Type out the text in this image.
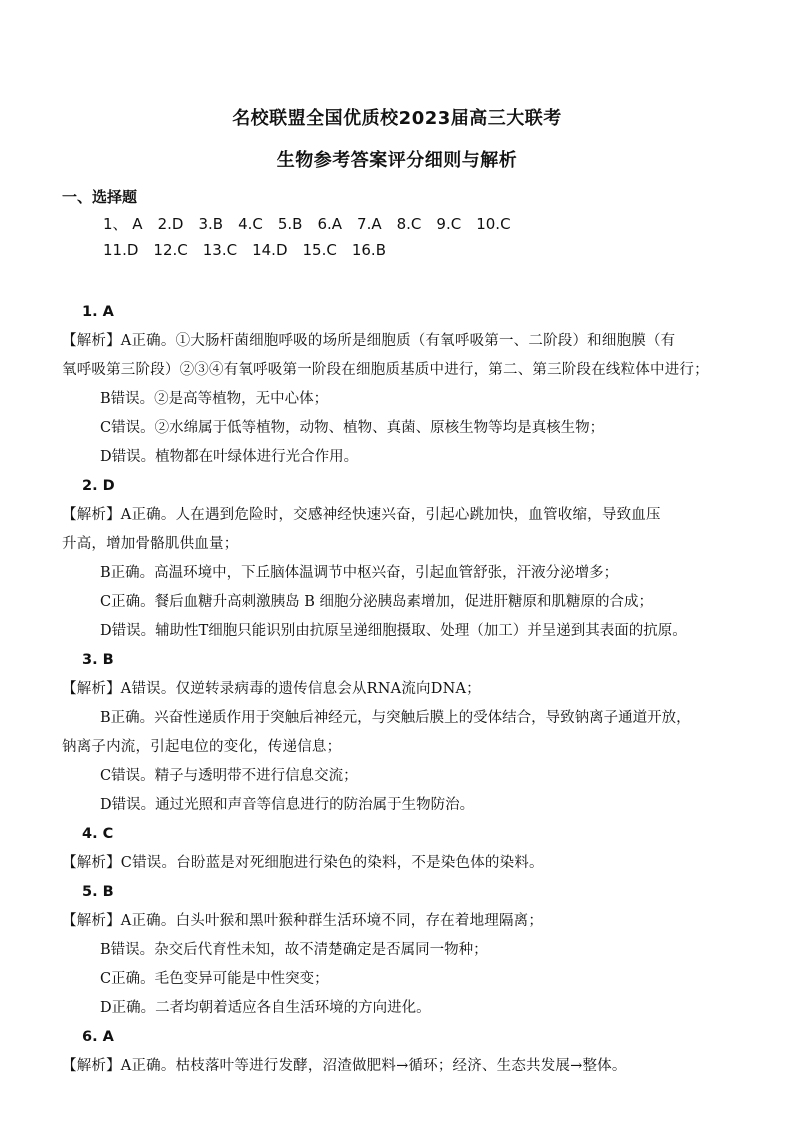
名校联盟全国优质校2023届高三大联考
生物参考答案评分细则与解析
一、选择题
1、 A 2.D 3.B 4.C 5.B 6.A 7.A 8.C 9.C 10.C
11.D 12.C 13.C 14.D 15.C 16.B

1. A

【解析】A正确。①大肠杆菌细胞呼吸的场所是细胞质（有氧呼吸第一、二阶段）和细胞膜（有

氧呼吸第三阶段）②③④有氧呼吸第一阶段在细胞质基质中进行，第二、第三阶段在线粒体中进行；

B错误。②是高等植物，无中心体；

C错误。②水绵属于低等植物，动物、植物、真菌、原核生物等均是真核生物；

D错误。植物都在叶绿体进行光合作用。

2. D

【解析】A正确。人在遇到危险时，交感神经快速兴奋，引起心跳加快，血管收缩，导致血压

升高，增加骨骼肌供血量；

B正确。高温环境中，下丘脑体温调节中枢兴奋，引起血管舒张，汗液分泌增多；

C正确。餐后血糖升高刺激胰岛 B 细胞分泌胰岛素增加，促进肝糖原和肌糖原的合成；

D错误。辅助性T细胞只能识别由抗原呈递细胞摄取、处理（加工）并呈递到其表面的抗原。

3. B

【解析】A错误。仅逆转录病毒的遗传信息会从RNA流向DNA；

B正确。兴奋性递质作用于突触后神经元，与突触后膜上的受体结合，导致钠离子通道开放，

钠离子内流，引起电位的变化，传递信息；

C错误。精子与透明带不进行信息交流；

D错误。通过光照和声音等信息进行的防治属于生物防治。

4. C

【解析】C错误。台盼蓝是对死细胞进行染色的染料，不是染色体的染料。

5. B

【解析】A正确。白头叶猴和黑叶猴种群生活环境不同，存在着地理隔离；

B错误。杂交后代育性未知，故不清楚确定是否属同一物种；

C正确。毛色变异可能是中性突变；

D正确。二者均朝着适应各自生活环境的方向进化。

6. A

【解析】A正确。枯枝落叶等进行发酵，沼渣做肥料→循环；经济、生态共发展→整体。
